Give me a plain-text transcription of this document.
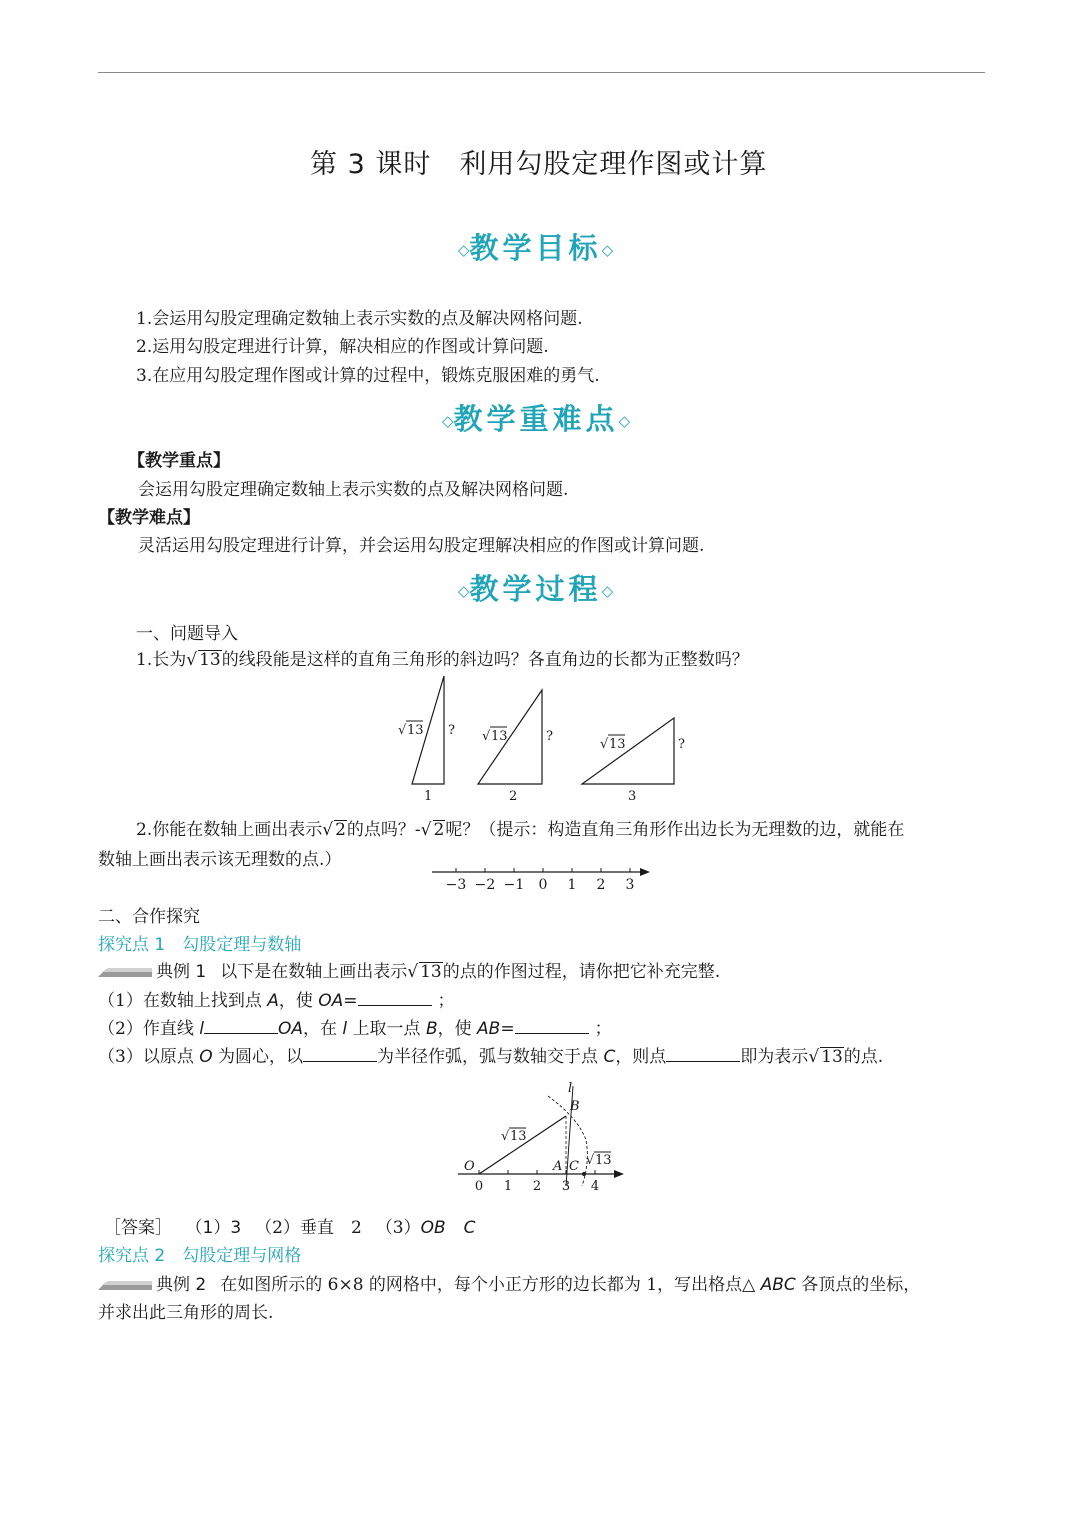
第 3 课时　利用勾股定理作图或计算
◇教学目标◇
1.会运用勾股定理确定数轴上表示实数的点及解决网格问题.
2.运用勾股定理进行计算，解决相应的作图或计算问题.
3.在应用勾股定理作图或计算的过程中，锻炼克服困难的勇气.
◇教学重难点◇
【教学重点】
会运用勾股定理确定数轴上表示实数的点及解决网格问题.
【教学难点】
灵活运用勾股定理进行计算，并会运用勾股定理解决相应的作图或计算问题.
◇教学过程◇
一、问题导入
1.长为√ 13的线段能是这样的直角三角形的斜边吗？各直角边的长都为正整数吗？
√ 13 ?
1
√ 13	?
2
√ 13	?
3
2.你能在数轴上画出表示√ 2的点吗？-√ 2呢？（提示：构造直角三角形作出边长为无理数的边，就能在
数轴上画出表示该无理数的点.）
−3 −2 −1 0 1 2 3
二、合作探究
探究点 1　勾股定理与数轴
典例 1 以下是在数轴上画出表示√ 13的点的作图过程，请你把它补充完整.
（1）在数轴上找到点 A，使 OA=	；
（2）作直线 l	OA，在 l 上取一点 B，使 AB=	；
（3）以原点 O 为圆心，以	为半径作弧，弧与数轴交于点 C，则点	即为表示√ 13的点.
0 1 2 3 4
O	A C
B
l
√ 13
√ 13
［答案］ （1）3 （2）垂直　2 （3）OB C
探究点 2　勾股定理与网格
典例 2 在如图所示的 6×8 的网格中，每个小正方形的边长都为 1，写出格点△ ABC 各顶点的坐标，
并求出此三角形的周长.
